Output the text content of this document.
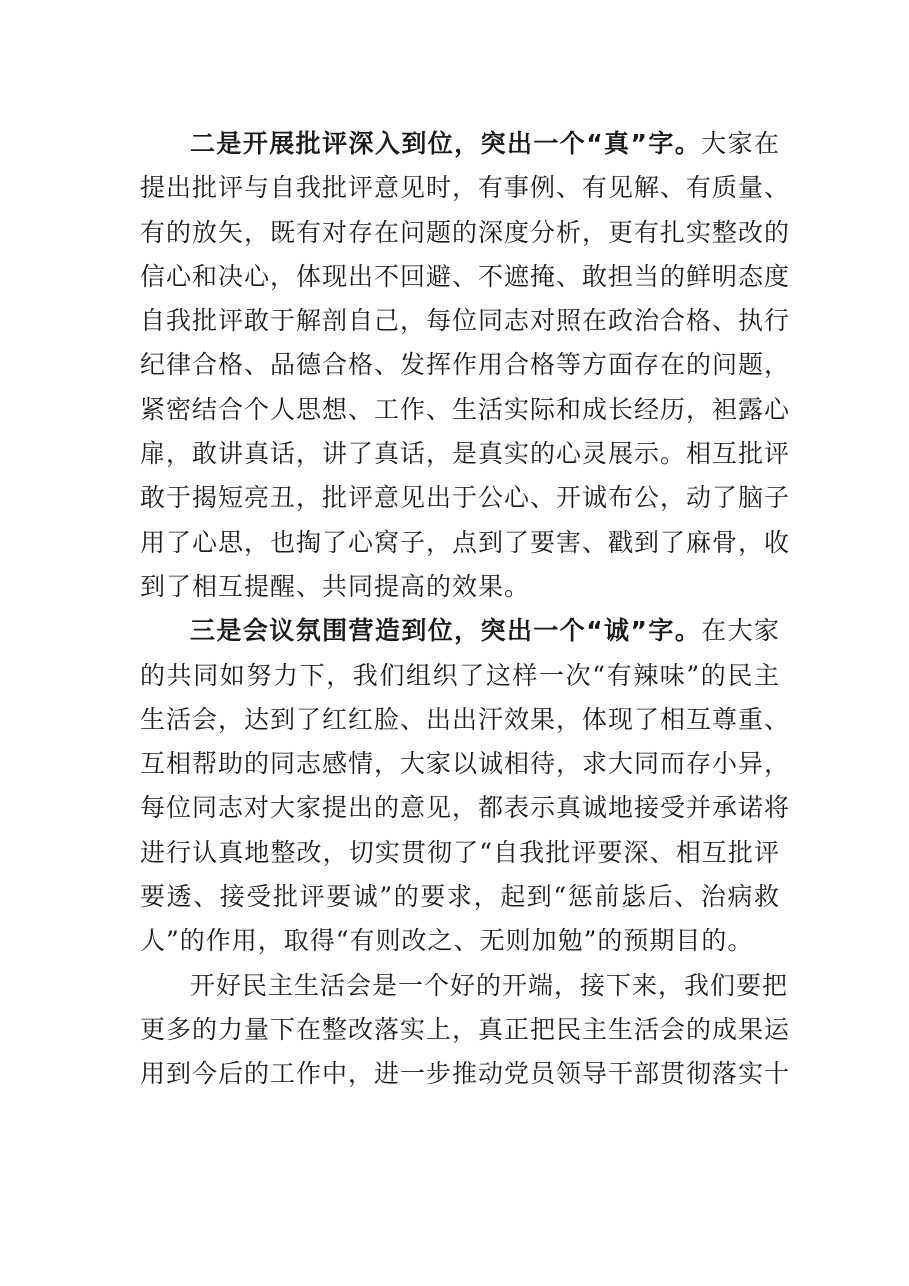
二是开展批评深入到位，突出一个“真”字。大家在
提出批评与自我批评意见时，有事例、有见解、有质量、
有的放矢，既有对存在问题的深度分析，更有扎实整改的
信心和决心，体现出不回避、不遮掩、敢担当的鲜明态度
自我批评敢于解剖自己，每位同志对照在政治合格、执行
纪律合格、品德合格、发挥作用合格等方面存在的问题，
紧密结合个人思想、工作、生活实际和成长经历，袒露心
扉，敢讲真话，讲了真话，是真实的心灵展示。相互批评
敢于揭短亮丑，批评意见出于公心、开诚布公，动了脑子
用了心思，也掏了心窝子，点到了要害、戳到了麻骨，收
到了相互提醒、共同提高的效果。
三是会议氛围营造到位，突出一个“诚”字。在大家
的共同如努力下，我们组织了这样一次“有辣味”的民主
生活会，达到了红红脸、出出汗效果，体现了相互尊重、
互相帮助的同志感情，大家以诚相待，求大同而存小异，
每位同志对大家提出的意见，都表示真诚地接受并承诺将
进行认真地整改，切实贯彻了“自我批评要深、相互批评
要透、接受批评要诚”的要求，起到“惩前毖后、治病救
人”的作用，取得“有则改之、无则加勉”的预期目的。
开好民主生活会是一个好的开端，接下来，我们要把
更多的力量下在整改落实上，真正把民主生活会的成果运
用到今后的工作中，进一步推动党员领导干部贯彻落实十
